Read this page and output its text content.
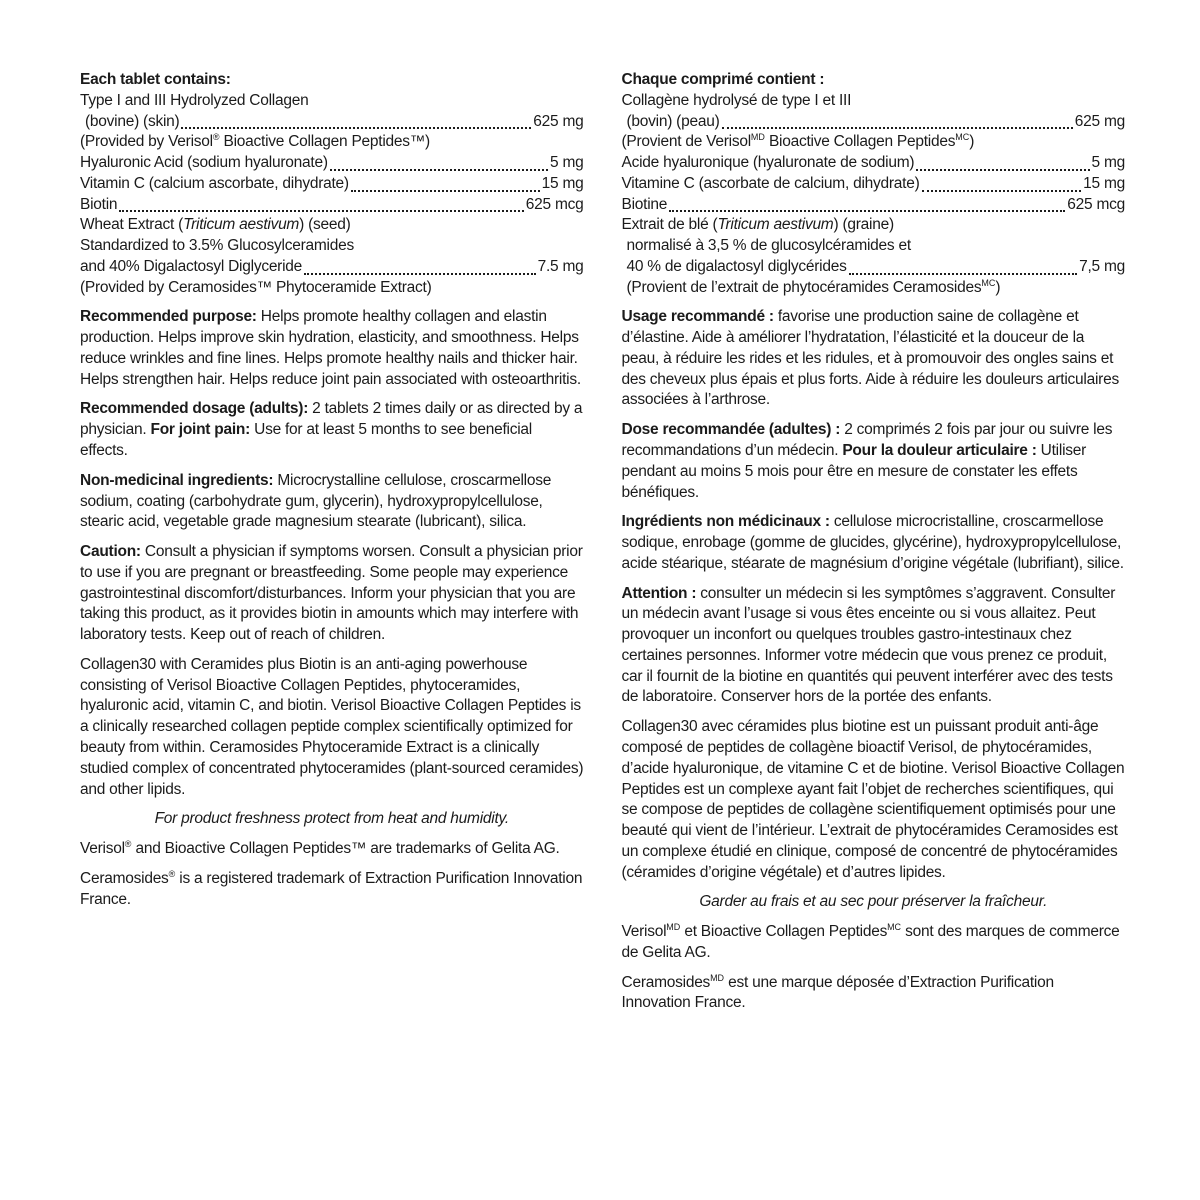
Each tablet contains:
Type I and III Hydrolyzed Collagen
(bovine) (skin)	625 mg
(Provided by Verisol® Bioactive Collagen Peptides™)
Hyaluronic Acid (sodium hyaluronate)	5 mg
Vitamin C (calcium ascorbate, dihydrate)	15 mg
Biotin	625 mcg
Wheat Extract (Triticum aestivum) (seed)
Standardized to 3.5% Glucosylceramides
and 40% Digalactosyl Diglyceride	7.5 mg
(Provided by Ceramosides™ Phytoceramide Extract)

Recommended purpose: Helps promote healthy collagen and elastin production. Helps improve skin hydration, elasticity, and smoothness. Helps reduce wrinkles and fine lines. Helps promote healthy nails and thicker hair. Helps strengthen hair. Helps reduce joint pain associated with osteoarthritis.

Recommended dosage (adults): 2 tablets 2 times daily or as directed by a physician. For joint pain: Use for at least 5 months to see beneficial effects.

Non-medicinal ingredients: Microcrystalline cellulose, croscarmellose sodium, coating (carbohydrate gum, glycerin), hydroxypropylcellulose, stearic acid, vegetable grade magnesium stearate (lubricant), silica.

Caution: Consult a physician if symptoms worsen. Consult a physician prior to use if you are pregnant or breastfeeding. Some people may experience gastrointestinal discomfort/disturbances. Inform your physician that you are taking this product, as it provides biotin in amounts which may interfere with laboratory tests. Keep out of reach of children.

Collagen30 with Ceramides plus Biotin is an anti-aging powerhouse consisting of Verisol Bioactive Collagen Peptides, phytoceramides, hyaluronic acid, vitamin C, and biotin. Verisol Bioactive Collagen Peptides is a clinically researched collagen peptide complex scientifically optimized for beauty from within. Ceramosides Phytoceramide Extract is a clinically studied complex of concentrated phytoceramides (plant-sourced ceramides) and other lipids.

For product freshness protect from heat and humidity.

Verisol® and Bioactive Collagen Peptides™ are trademarks of Gelita AG.

Ceramosides® is a registered trademark of Extraction Purification Innovation France.

Chaque comprimé contient :
Collagène hydrolysé de type I et III
(bovin) (peau)	625 mg
(Provient de Verisol$^{MD}$ Bioactive Collagen Peptides$^{MC}$)
Acide hyaluronique (hyaluronate de sodium)	5 mg
Vitamine C (ascorbate de calcium, dihydrate)	15 mg
Biotine	625 mcg
Extrait de blé (Triticum aestivum) (graine)
normalisé à 3,5 % de glucosylcéramides et
40 % de digalactosyl diglycérides	7,5 mg
(Provient de l’extrait de phytocéramides Ceramosides$^{MC}$)

Usage recommandé : favorise une production saine de collagène et d’élastine. Aide à améliorer l’hydratation, l’élasticité et la douceur de la peau, à réduire les rides et les ridules, et à promouvoir des ongles sains et des cheveux plus épais et plus forts. Aide à réduire les douleurs articulaires associées à l’arthrose.

Dose recommandée (adultes) : 2 comprimés 2 fois par jour ou suivre les recommandations d’un médecin. Pour la douleur articulaire : Utiliser pendant au moins 5 mois pour être en mesure de constater les effets bénéfiques.

Ingrédients non médicinaux : cellulose microcristalline, croscarmellose sodique, enrobage (gomme de glucides, glycérine), hydroxypropylcellulose, acide stéarique, stéarate de magnésium d’origine végétale (lubrifiant), silice.

Attention : consulter un médecin si les symptômes s’aggravent. Consulter un médecin avant l’usage si vous êtes enceinte ou si vous allaitez. Peut provoquer un inconfort ou quelques troubles gastro-intestinaux chez certaines personnes. Informer votre médecin que vous prenez ce produit, car il fournit de la biotine en quantités qui peuvent interférer avec des tests de laboratoire. Conserver hors de la portée des enfants.

Collagen30 avec céramides plus biotine est un puissant produit anti-âge composé de peptides de collagène bioactif Verisol, de phytocéramides, d’acide hyaluronique, de vitamine C et de biotine. Verisol Bioactive Collagen Peptides est un complexe ayant fait l’objet de recherches scientifiques, qui se compose de peptides de collagène scientifiquement optimisés pour une beauté qui vient de l’intérieur. L’extrait de phytocéramides Ceramosides est un complexe étudié en clinique, composé de concentré de phytocéramides (céramides d’origine végétale) et d’autres lipides.

Garder au frais et au sec pour préserver la fraîcheur.

Verisol$^{MD}$ et Bioactive Collagen Peptides$^{MC}$ sont des marques de commerce de Gelita AG.

Ceramosides$^{MD}$ est une marque déposée d’Extraction Purification Innovation France.
